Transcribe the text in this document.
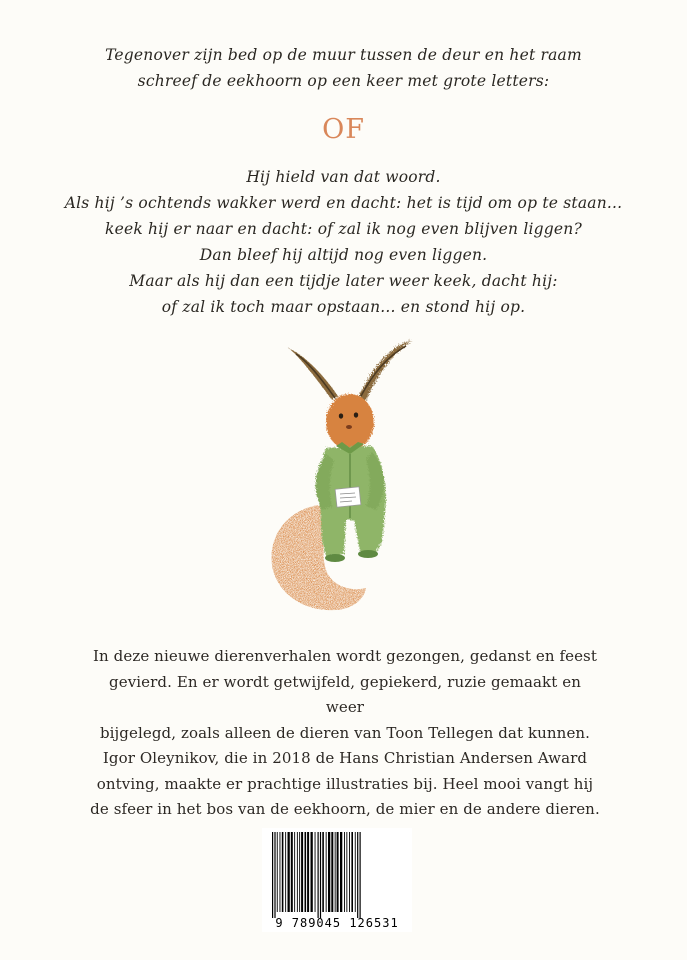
Tegenover zijn bed op de muur tussen de deur en het raam
schreef de eekhoorn op een keer met grote letters:
OF
Hij hield van dat woord.
Als hij ’s ochtends wakker werd en dacht: het is tijd om op te staan...
keek hij er naar en dacht: of zal ik nog even blijven liggen?
Dan bleef hij altijd nog even liggen.
Maar als hij dan een tijdje later weer keek, dacht hij:
of zal ik toch maar opstaan... en stond hij op.
In deze nieuwe dierenverhalen wordt gezongen, gedanst en feest
gevierd. En er wordt getwijfeld, gepiekerd, ruzie gemaakt en weer
bijgelegd, zoals alleen de dieren van Toon Tellegen dat kunnen.
Igor Oleynikov, die in 2018 de Hans Christian Andersen Award
ontving, maakte er prachtige illustraties bij. Heel mooi vangt hij
de sfeer in het bos van de eekhoorn, de mier en de andere dieren.
9 789045 126531
